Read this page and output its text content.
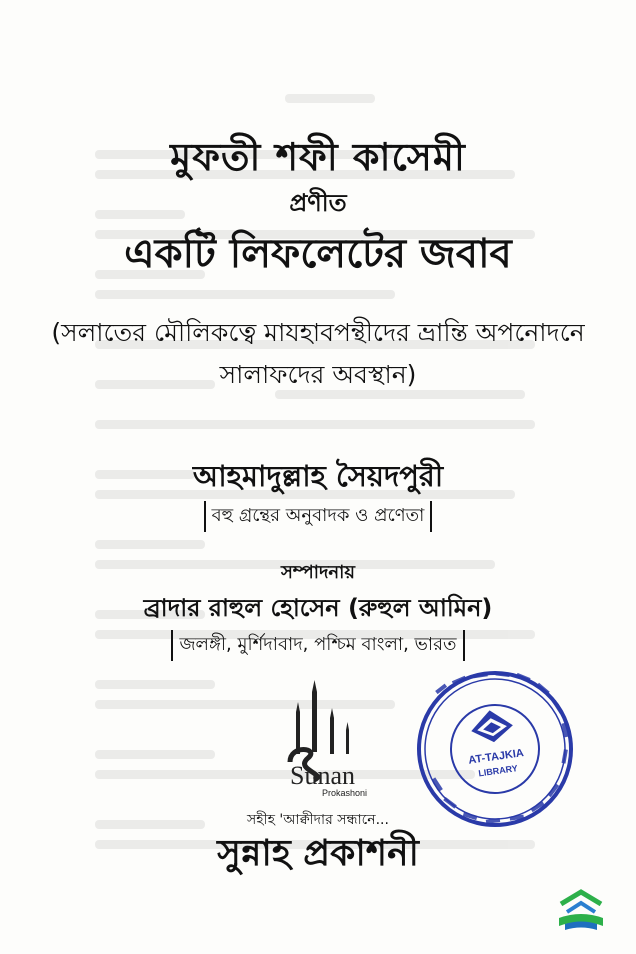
মুফতী শফী কাসেমী
প্রণীত
একটি লিফলেটের জবাব
(সলাতের মৌলিকত্বে মাযহাবপন্থীদের ভ্রান্তি অপনোদনে
সালাফদের অবস্থান)
আহমাদুল্লাহ সৈয়দপুরী
বহু গ্রন্থের অনুবাদক ও প্রণেতা
সম্পাদনায়
ব্রাদার রাহুল হোসেন (রুহুল আমিন)
জলঙ্গী, মুর্শিদাবাদ, পশ্চিম বাংলা, ভারত
Sunan
Prokashoni
সহীহ 'আক্বীদার সন্ধানে...
সুন্নাহ প্রকাশনী
AT-TAJKIA
LIBRARY
